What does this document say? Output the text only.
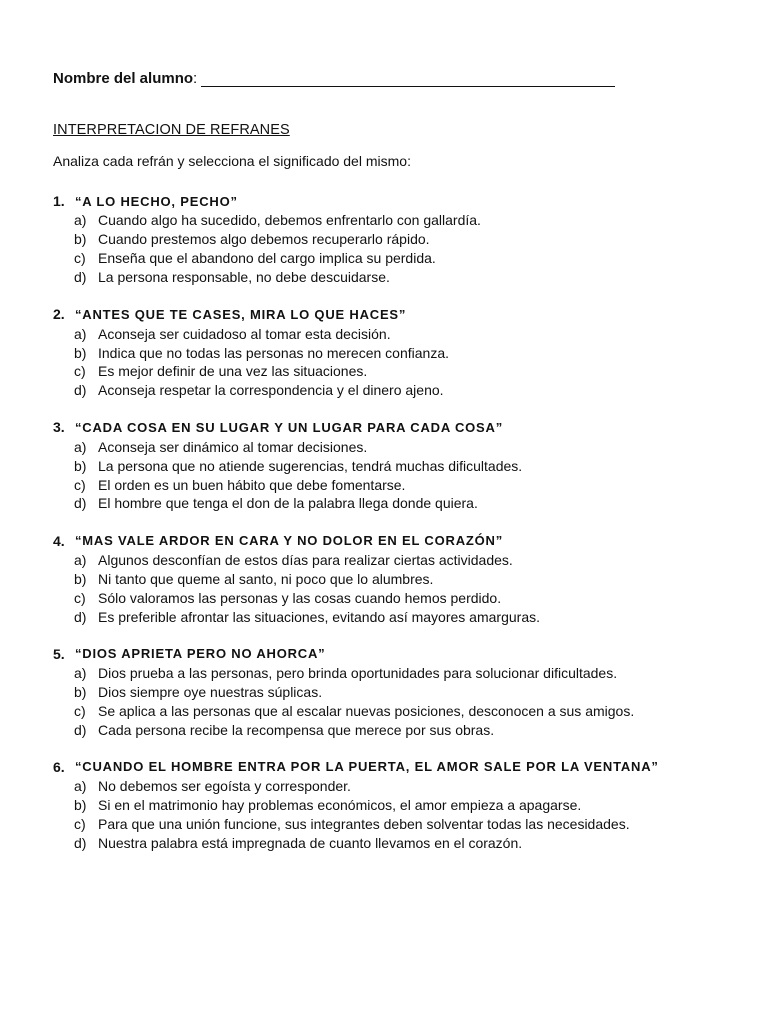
Nombre del alumno :
INTERPRETACION DE REFRANES
Analiza cada refrán y selecciona el significado del mismo:
1. “A LO HECHO, PECHO”
a) Cuando algo ha sucedido, debemos enfrentarlo con gallardía.
b) Cuando prestemos algo debemos recuperarlo rápido.
c) Enseña que el abandono del cargo implica su perdida.
d) La persona responsable, no debe descuidarse.
2. “ANTES QUE TE CASES, MIRA LO QUE HACES”
a) Aconseja ser cuidadoso al tomar esta decisión.
b) Indica que no todas las personas no merecen confianza.
c) Es mejor definir de una vez las situaciones.
d) Aconseja respetar la correspondencia y el dinero ajeno.
3. “CADA COSA EN SU LUGAR Y UN LUGAR PARA CADA COSA”
a) Aconseja ser dinámico al tomar decisiones.
b) La persona que no atiende sugerencias, tendrá muchas dificultades.
c) El orden es un buen hábito que debe fomentarse.
d) El hombre que tenga el don de la palabra llega donde quiera.
4. “MAS VALE ARDOR EN CARA Y NO DOLOR EN EL CORAZÓN”
a) Algunos desconfían de estos días para realizar ciertas actividades.
b) Ni tanto que queme al santo, ni poco que lo alumbres.
c) Sólo valoramos las personas y las cosas cuando hemos perdido.
d) Es preferible afrontar las situaciones, evitando así mayores amarguras.
5. “DIOS APRIETA PERO NO AHORCA”
a) Dios prueba a las personas, pero brinda oportunidades para solucionar dificultades.
b) Dios siempre oye nuestras súplicas.
c) Se aplica a las personas que al escalar nuevas posiciones, desconocen a sus amigos.
d) Cada persona recibe la recompensa que merece por sus obras.
6. “CUANDO EL HOMBRE ENTRA POR LA PUERTA, EL AMOR SALE POR LA VENTANA”
a) No debemos ser egoísta y corresponder.
b) Si en el matrimonio hay problemas económicos, el amor empieza a apagarse.
c) Para que una unión funcione, sus integrantes deben solventar todas las necesidades.
d) Nuestra palabra está impregnada de cuanto llevamos en el corazón.
